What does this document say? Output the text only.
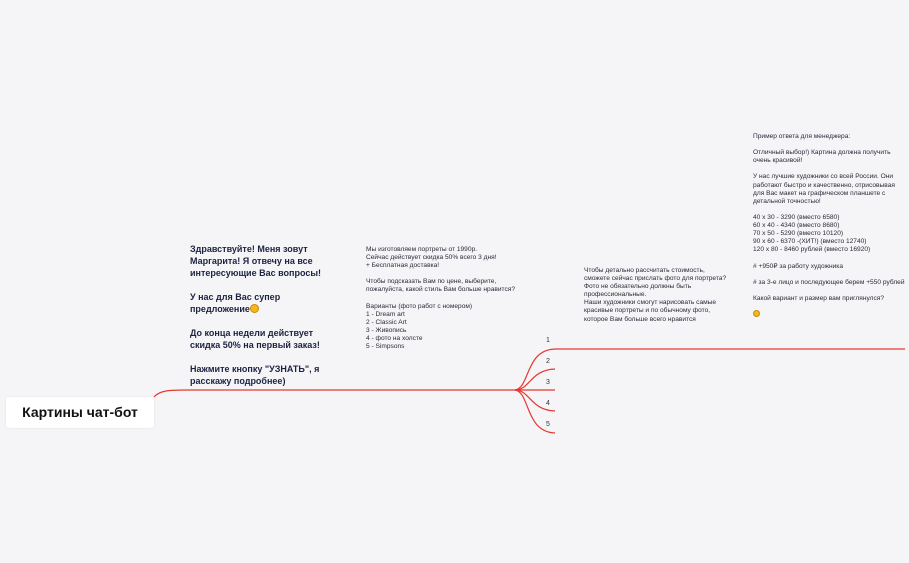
Картины чат-бот

Здравствуйте! Меня зовут Маргарита! Я отвечу на все интересующие Вас вопросы!

У нас для Вас супер предложение

До конца недели действует скидка 50% на первый заказ!

Нажмите кнопку "УЗНАТЬ", я расскажу подробнее)

Мы изготовляем портреты от 1990р.
Сейчас действует скидка 50% всего 3 дня!
+ Бесплатная доставка!

Чтобы подсказать Вам по цене, выберите, пожалуйста, какой стиль Вам больше нравится?

Варианты (фото работ с номером)
1 - Dream art
2 - Classic Art
3 - Живопись
4 - фото на холсте
5 - Simpsons
1
2
3
4
5
Чтобы детально рассчитать стоимость, сможете сейчас прислать фото для портрета?
Фото не обязательно должны быть профессиональные.
Наши художники смогут нарисовать самые красивые портреты и по обычному фото, которое Вам больше всего нравится
Пример ответа для менеджера:

Отличный выбор!) Картина должна получить очень красивой!

У нас лучшие художники со всей России. Они работают быстро и качественно, отрисовывая для Вас макет на графическом планшете с детальной точностью!

40 х 30 - 3290 (вместо 6580)
60 х 40 - 4340 (вместо 8680)
70 х 50 - 5290 (вместо 10120)
90 х 60 - 6370 -(ХИТ!) (вместо 12740)
120 х 80 - 8460 рублей (вместо 16920)

# +950₽ за работу художника

# за 3-е лицо и последующее берем +550 рублей

Какой вариант и размер вам приглянулся?
